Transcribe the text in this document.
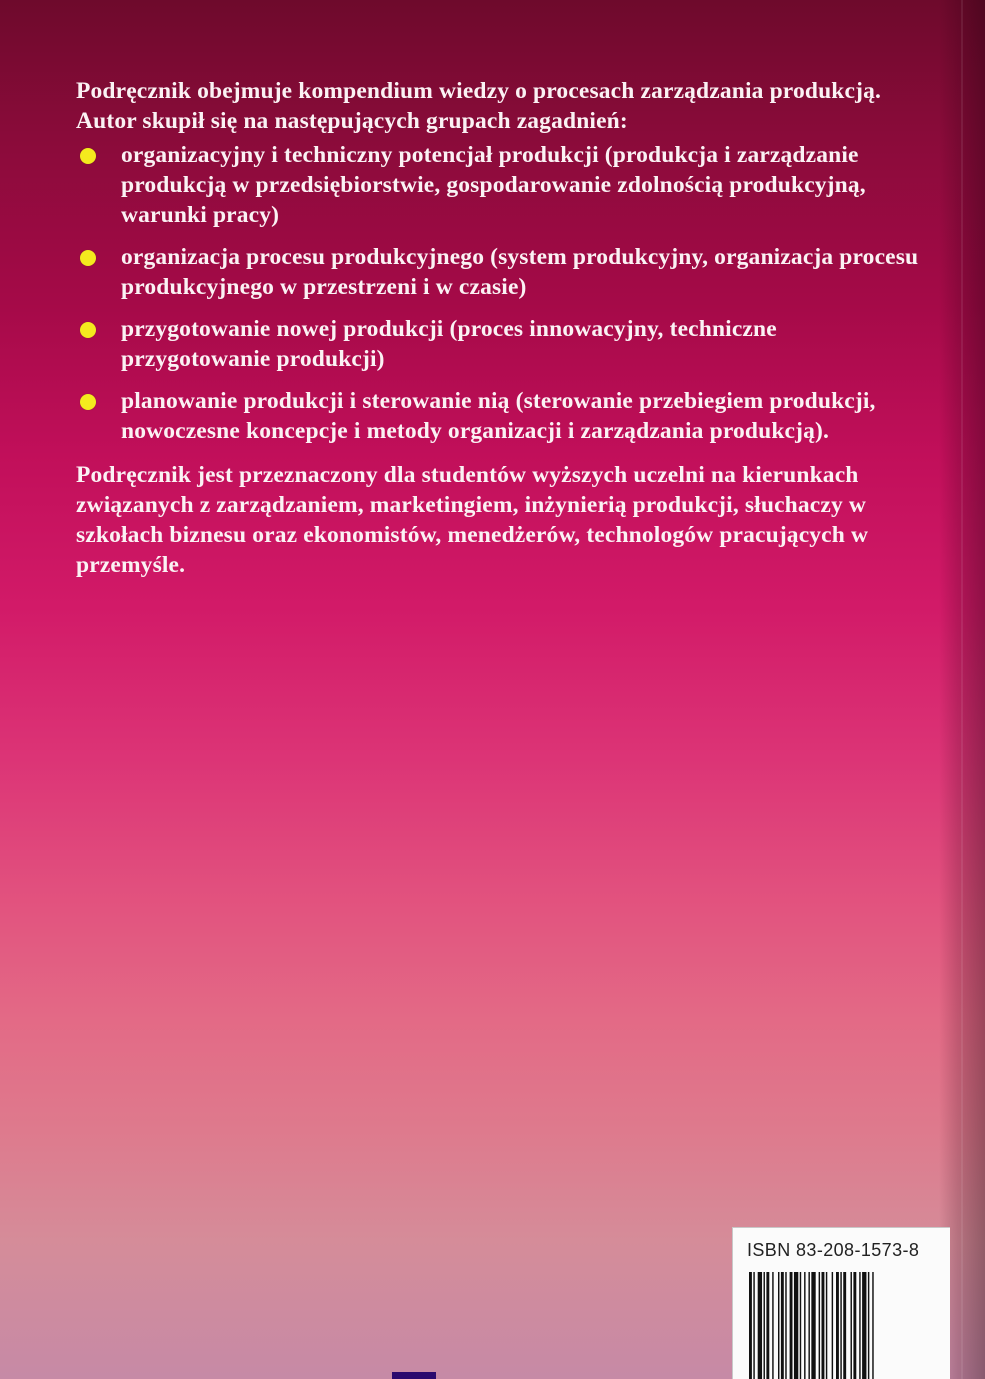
Podręcznik obejmuje kompendium wiedzy o procesach zarządzania produkcją. Autor skupił się na następujących grupach zagadnień:

organizacyjny i techniczny potencjał produkcji (produkcja i zarządzanie produkcją w przedsiębiorstwie, gospodarowanie zdolnością produkcyjną, warunki pracy)
organizacja procesu produkcyjnego (system produkcyjny, organizacja procesu produkcyjnego w przestrzeni i w czasie)
przygotowanie nowej produkcji (proces innowacyjny, techniczne przygotowanie produkcji)
planowanie produkcji i sterowanie nią (sterowanie przebiegiem produkcji, nowoczesne koncepcje i metody organizacji i zarządzania produkcją).

Podręcznik jest przeznaczony dla studentów wyższych uczelni na kierunkach związanych z zarządzaniem, marketingiem, inżynierią produkcji, słuchaczy w szkołach biznesu oraz ekonomistów, menedżerów, technologów pracujących w przemyśle.

ISBN 83-208-1573-8
